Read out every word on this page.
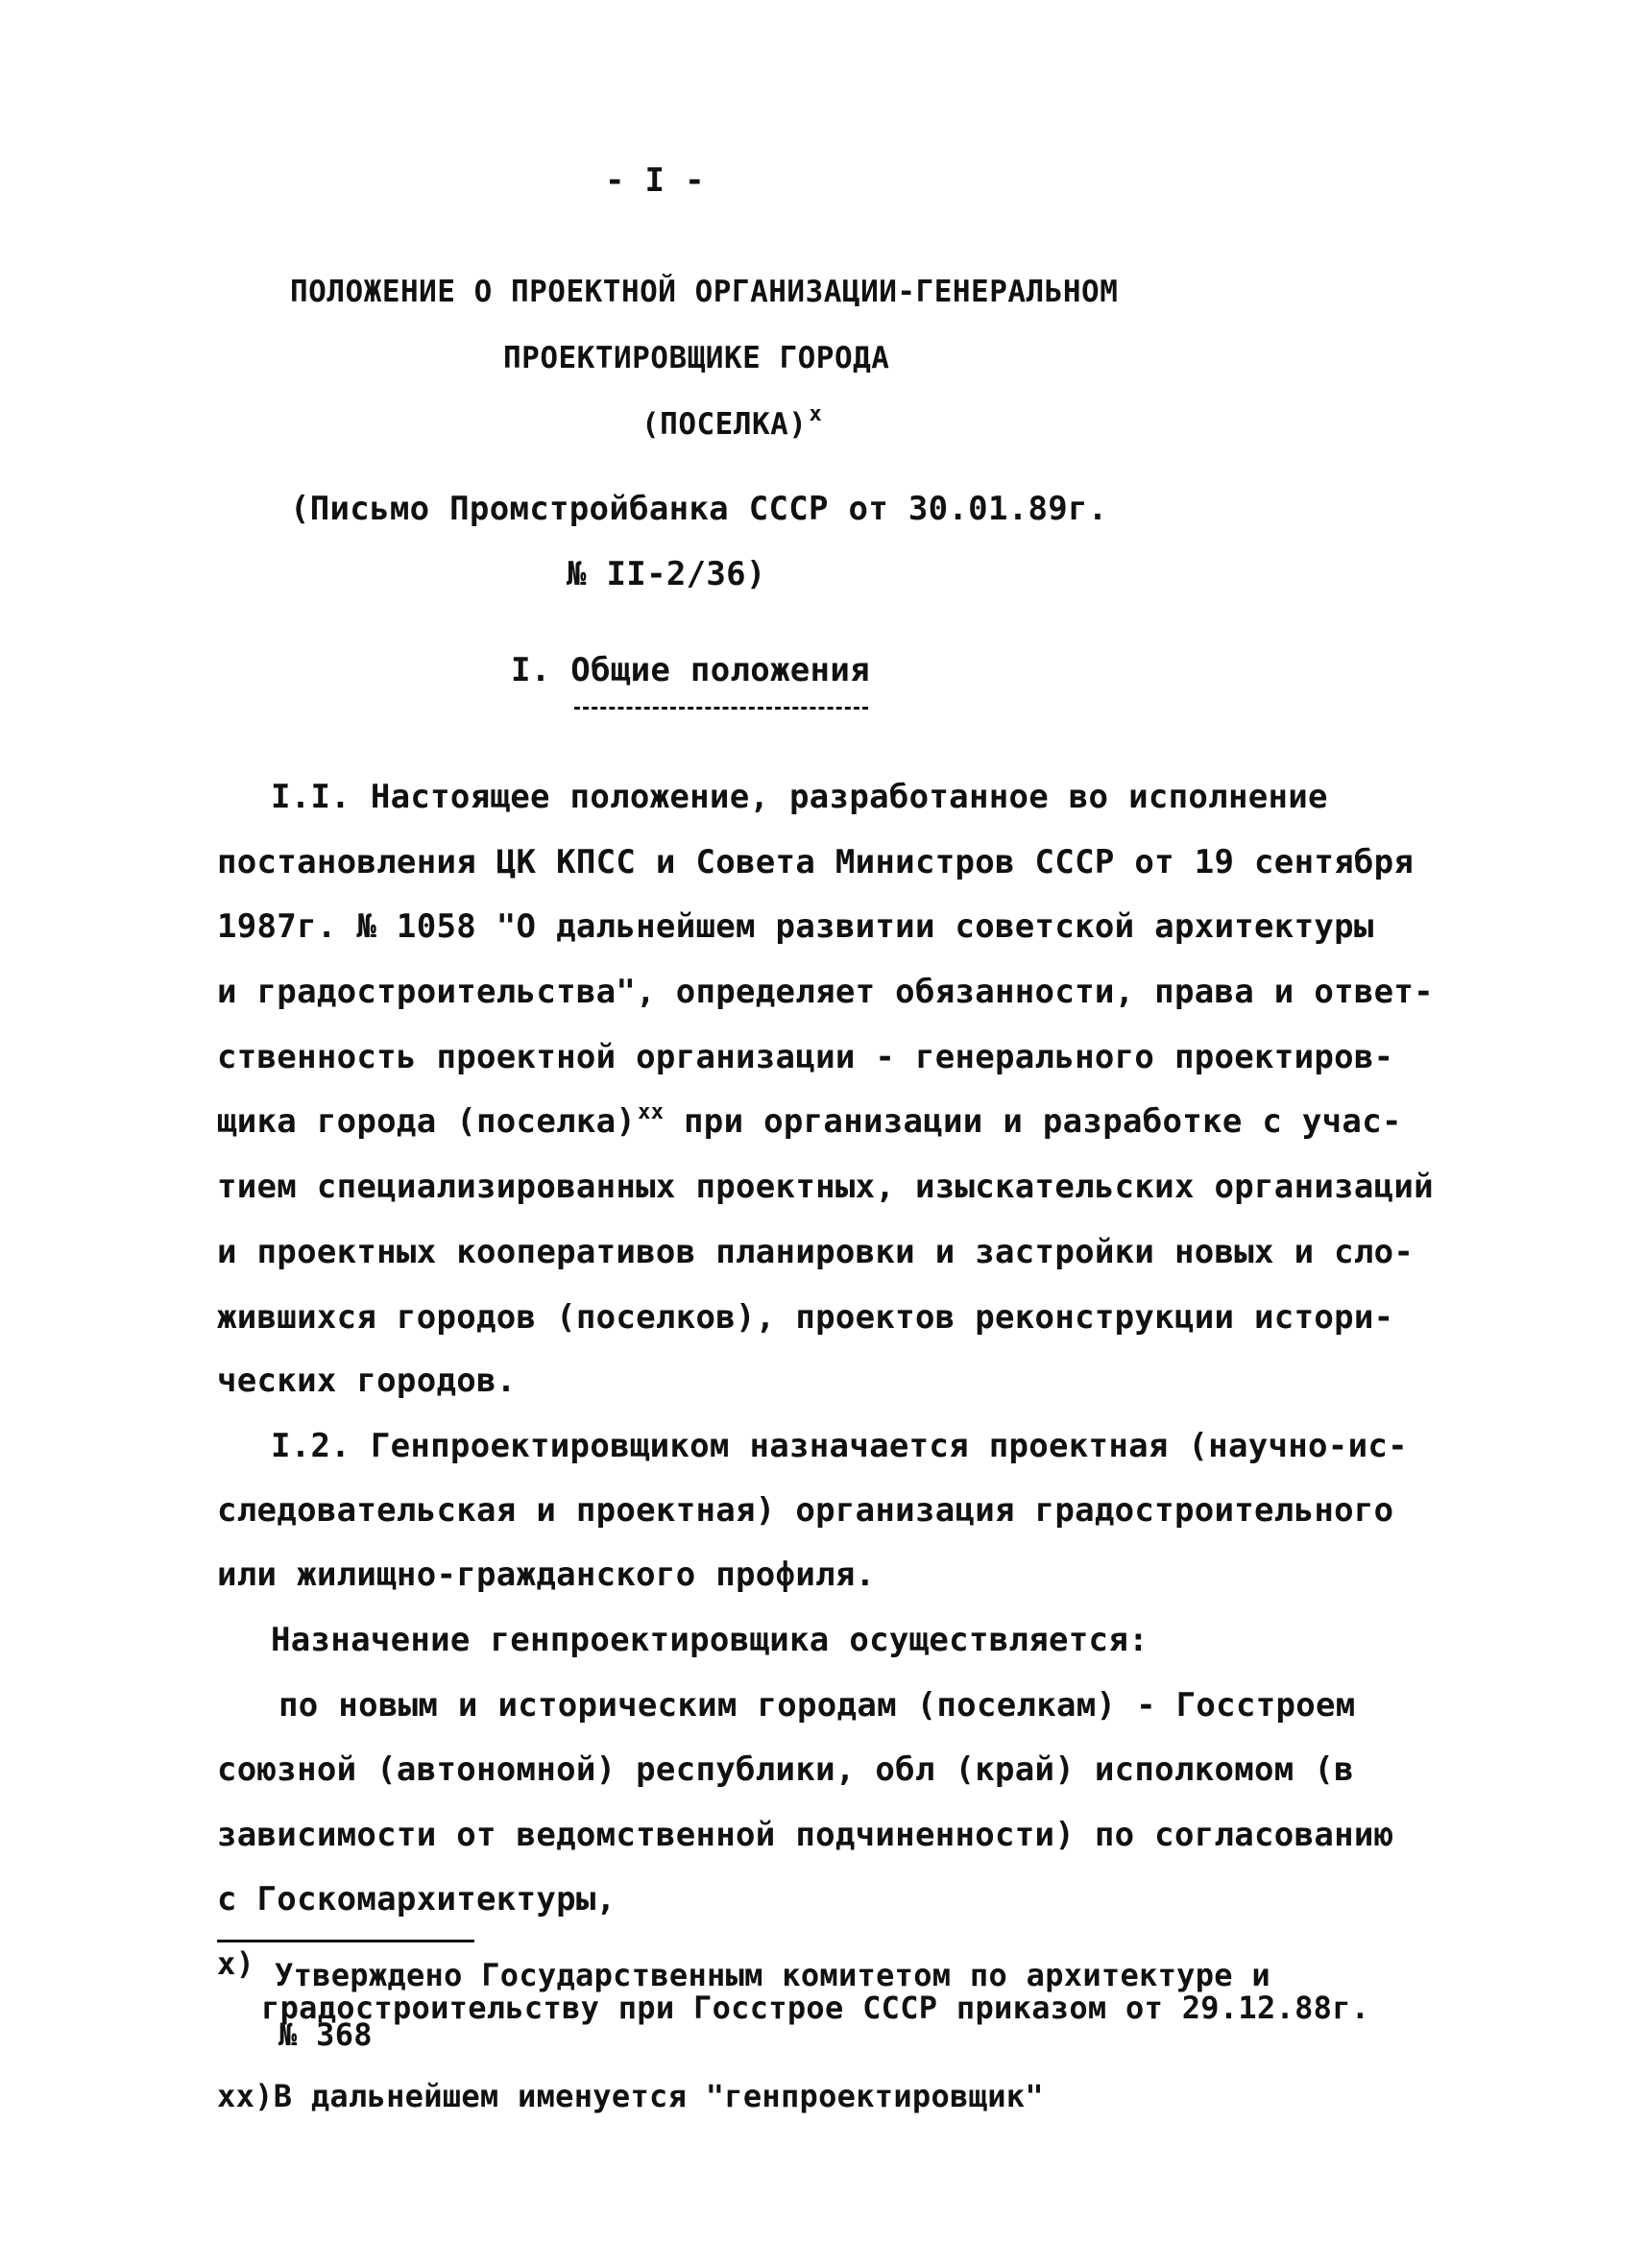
- I -
ПОЛОЖЕНИЕ О ПРОЕКТНОЙ ОРГАНИЗАЦИИ-ГЕНЕРАЛЬНОМ
ПРОЕКТИРОВЩИКЕ ГОРОДА
(ПОСЕЛКА)$^х$
(Письмо Промстройбанка СССР от 30.01.89г.
№ II-2/36)
I. Общие положения
I.I. Настоящее положение, разработанное во исполнение
постановления ЦК КПСС и Совета Министров СССР от 19 сентября
1987г. № 1058 "О дальнейшем развитии советской архитектуры
и градостроительства", определяет обязанности, права и ответ-
ственность проектной организации - генерального проектиров-
щика города (поселка)$^{хх}$ при организации и разработке с учас-
тием специализированных проектных, изыскательских организаций
и проектных кооперативов планировки и застройки новых и сло-
жившихся городов (поселков), проектов реконструкции истори-
ческих городов.
I.2. Генпроектировщиком назначается проектная (научно-ис-
следовательская и проектная) организация градостроительного
или жилищно-гражданского профиля.
Назначение генпроектировщика осуществляется:
по новым и историческим городам (поселкам) - Госстроем
союзной (автономной) республики, обл (край) исполкомом (в
зависимости от ведомственной подчиненности) по согласованию
с Госкомархитектуры,
х) Утверждено Государственным комитетом по архитектуре и
градостроительству при Госстрое СССР приказом от 29.12.88г.
№ 368
хх)В дальнейшем именуется "генпроектировщик"
